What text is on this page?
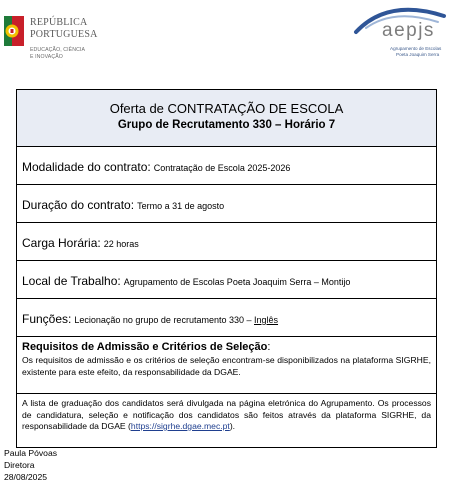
REPÚBLICA
PORTUGUESA
EDUCAÇÃO, CIÊNCIA
E INOVAÇÃO
aepjs
Agrupamento de Escolas
Poeta Joaquim Serra
Oferta de CONTRATAÇÃO DE ESCOLA
Grupo de Recrutamento 330 – Horário 7
Modalidade do contrato: Contratação de Escola 2025-2026
Duração do contrato: Termo a 31 de agosto
Carga Horária: 22 horas
Local de Trabalho: Agrupamento de Escolas Poeta Joaquim Serra – Montijo
Funções: Lecionação no grupo de recrutamento 330 – Inglês
Requisitos de Admissão e Critérios de Seleção:
Os requisitos de admissão e os critérios de seleção encontram-se disponibilizados na plataforma SIGRHE, existente para este efeito, da responsabilidade da DGAE.
A lista de graduação dos candidatos será divulgada na página eletrónica do Agrupamento. Os processos de candidatura, seleção e notificação dos candidatos são feitos através da plataforma SIGRHE, da responsabilidade da DGAE (https://sigrhe.dgae.mec.pt).
Paula Póvoas
Diretora
28/08/2025
